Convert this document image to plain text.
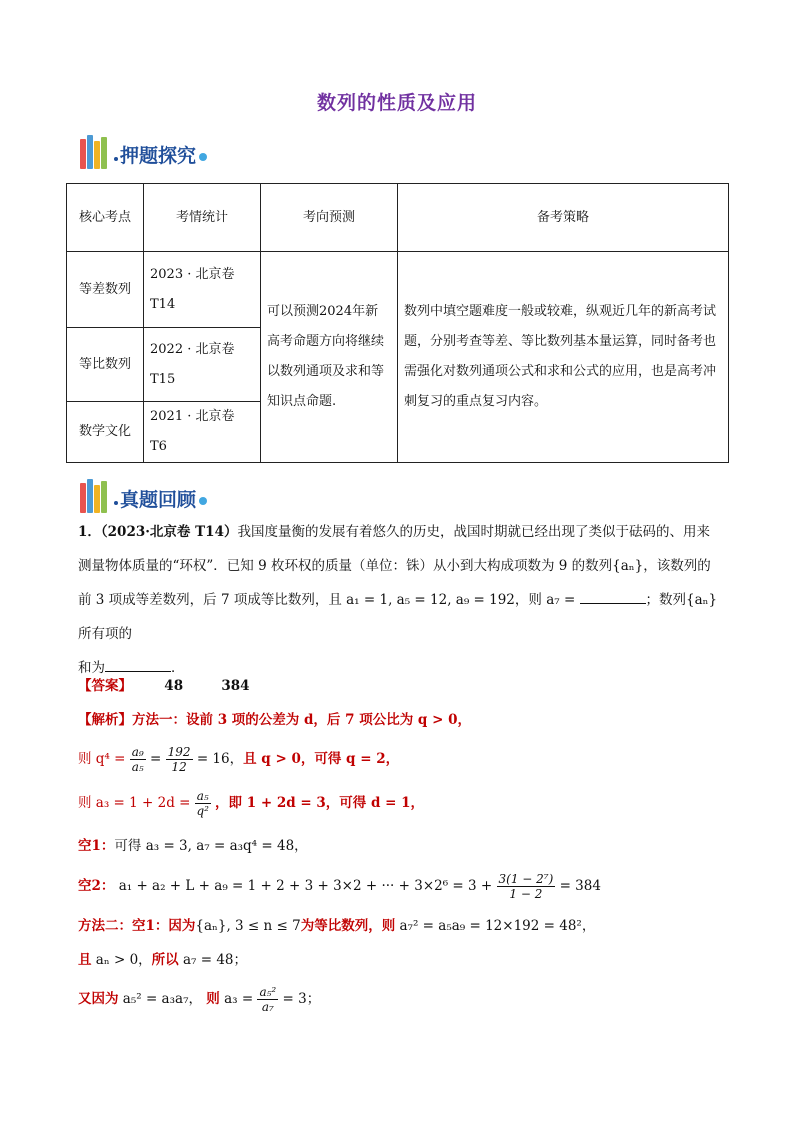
数列的性质及应用
押题探究
核心考点	考情统计	考向预测	备考策略
等差数列	2023 · 北京卷 T14	可以预测2024年新高考命题方向将继续以数列通项及求和等知识点命题.	数列中填空题难度一般或较难，纵观近几年的新高考试题，分别考查等差、等比数列基本量运算，同时备考也需强化对数列通项公式和求和公式的应用，也是高考冲刺复习的重点复习内容。
等比数列	2022 · 北京卷 T15		
数学文化	2021 · 北京卷 T6		
真题回顾
1．（2023·北京卷 T14）我国度量衡的发展有着悠久的历史，战国时期就已经出现了类似于砝码的、用来
测量物体质量的“环权”．已知 9 枚环权的质量（单位：铢）从小到大构成项数为 9 的数列{aₙ}，该数列的
前 3 项成等差数列，后 7 项成等比数列，且 a₁ = 1, a₅ = 12, a₉ = 192，则 a₇ =	；数列{aₙ}所有项的
和为	．
【答案】 48	384
【解析】方法一：设前 3 项的公差为 d，后 7 项公比为 q > 0，
则 $q^4 = \frac{\text{a₉}}{\text{a₅}} = \frac{192}{12} = 16$，且 q > 0，可得 q = 2，
则 $a_3 = 1 + 2d = \frac{\text{a₅}}{\text{q²}}$ ，即 1 + 2d = 3，可得 d = 1，
空1：可得 a₃ = 3, a₇ = a₃q⁴ = 48，
空2： a₁ + a₂ + L + a₉ = 1 + 2 + 3 + 3×2 + ··· + $3\times 2^6 = 3 + \frac{\text{3(1 − 2⁷)}}{1 - 2} = 384$
方法二：空1：因为{aₙ}, 3 ≤ n ≤ 7为等比数列，则 a₇² = a₅a₉ = 12×192 = 48²，
且 aₙ > 0，所以 a₇ = 48；
又因为 a₅² = a₃a₇， 则 $a_3 = \frac{\text{a₅²}}{\text{a₇}} = 3$；
